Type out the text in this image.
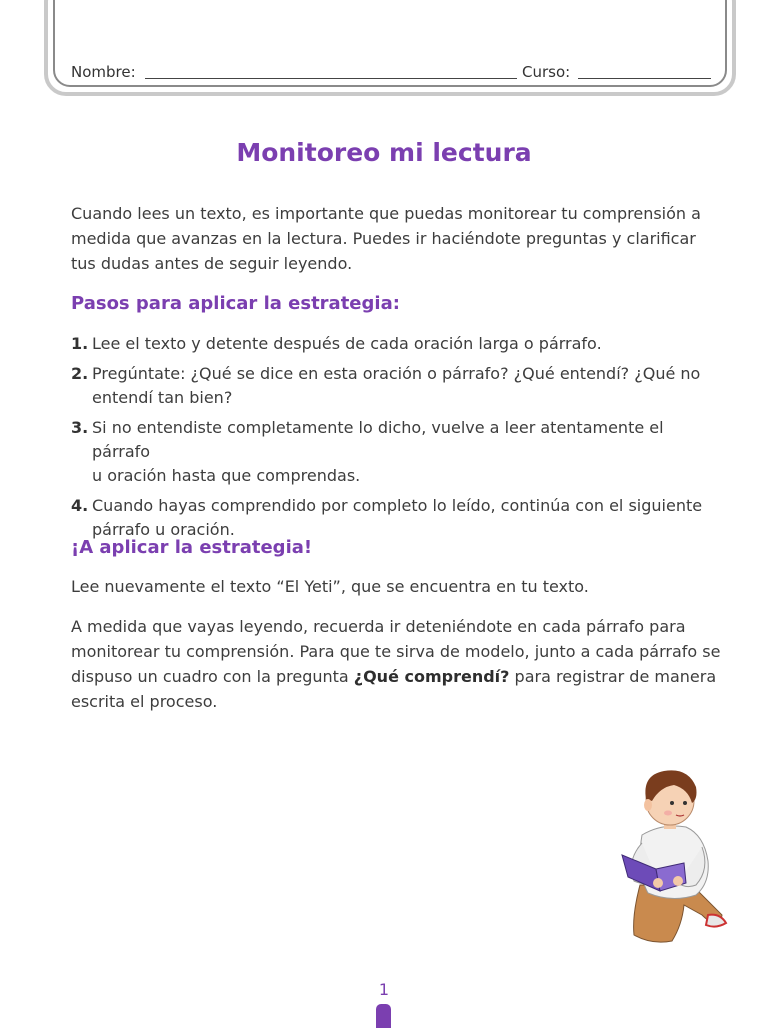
Nombre:	Curso:
Monitoreo mi lectura
Cuando lees un texto, es importante que puedas monitorear tu comprensión a
medida que avanzas en la lectura. Puedes ir haciéndote preguntas y clarificar
tus dudas antes de seguir leyendo.
Pasos para aplicar la estrategia:
1. Lee el texto y detente después de cada oración larga o párrafo.
2. Pregúntate: ¿Qué se dice en esta oración o párrafo? ¿Qué entendí? ¿Qué no
entendí tan bien?
3. Si no entendiste completamente lo dicho, vuelve a leer atentamente el párrafo
u oración hasta que comprendas.
4. Cuando hayas comprendido por completo lo leído, continúa con el siguiente
párrafo u oración.
¡A aplicar la estrategia!
Lee nuevamente el texto “El Yeti”, que se encuentra en tu texto.
A medida que vayas leyendo, recuerda ir deteniéndote en cada párrafo para
monitorear tu comprensión. Para que te sirva de modelo, junto a cada párrafo se
dispuso un cuadro con la pregunta ¿Qué comprendí? para registrar de manera
escrita el proceso.
1
